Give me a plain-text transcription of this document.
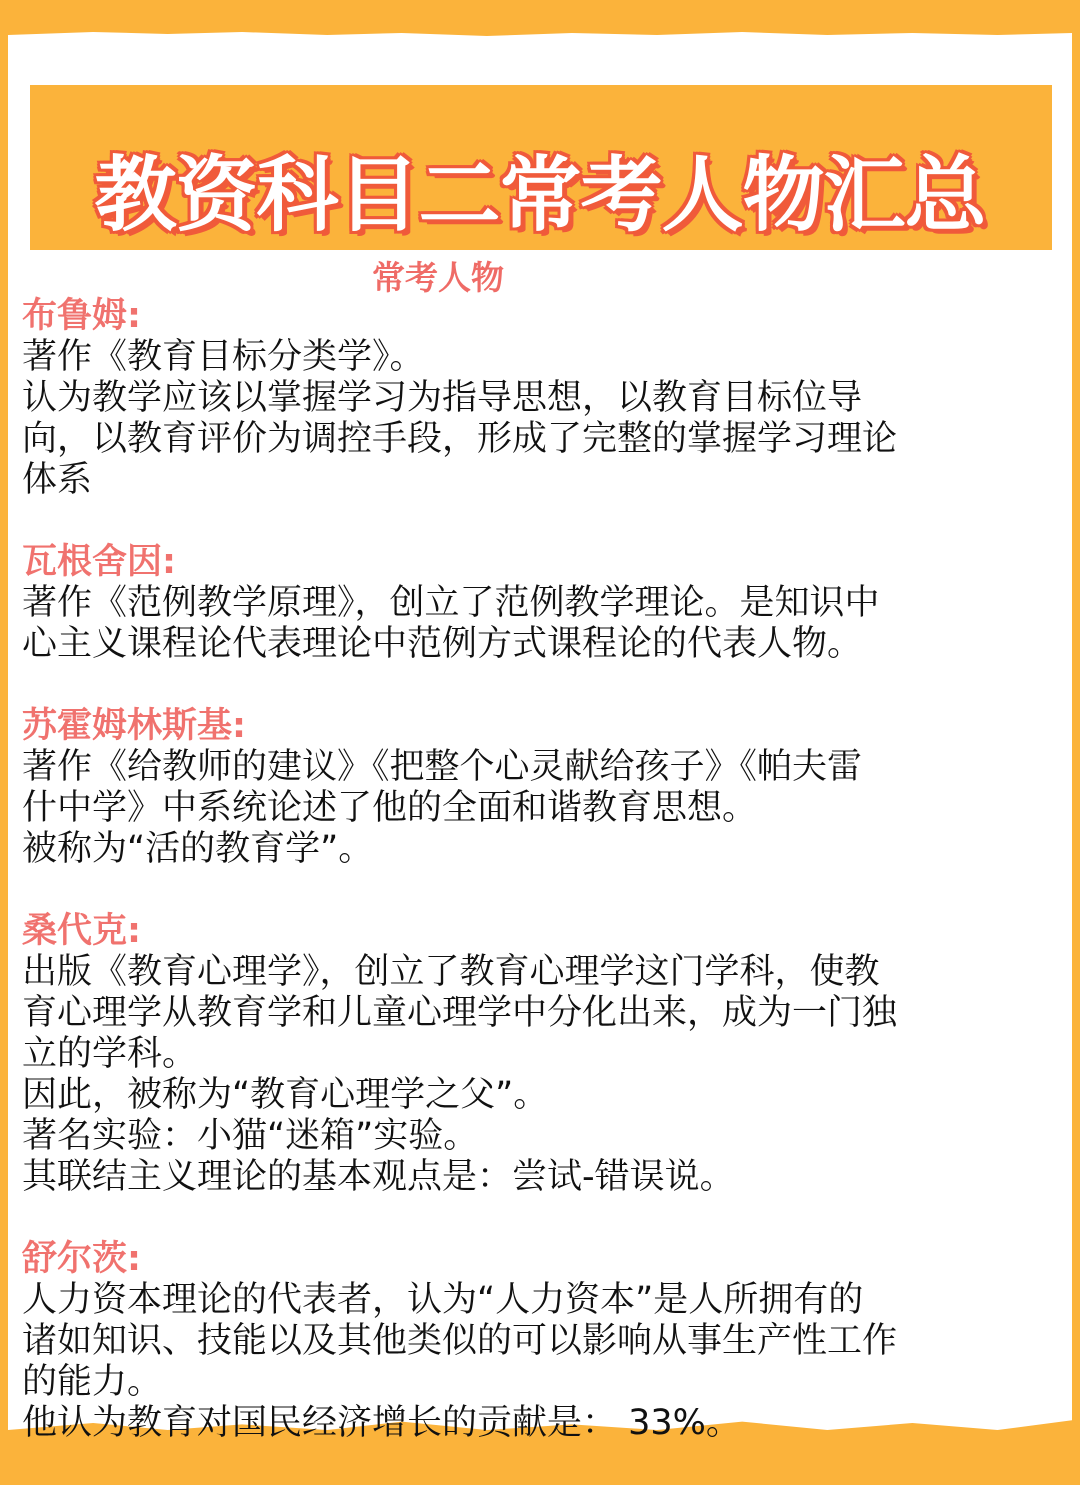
教资科目二常考人物汇总
常考人物
布鲁姆:
著作《教育目标分类学》。
认为教学应该以掌握学习为指导思想，以教育目标位导
向，以教育评价为调控手段，形成了完整的掌握学习理论
体系
瓦根舍因:
著作《范例教学原理》，创立了范例教学理论。是知识中
心主义课程论代表理论中范例方式课程论的代表人物。
苏霍姆林斯基:
著作《给教师的建议》《把整个心灵献给孩子》《帕夫雷
什中学》中系统论述了他的全面和谐教育思想。
被称为“活的教育学”。
桑代克:
出版《教育心理学》，创立了教育心理学这门学科，使教
育心理学从教育学和儿童心理学中分化出来，成为一门独
立的学科。
因此，被称为“教育心理学之父”。
著名实验：小猫“迷箱”实验。
其联结主义理论的基本观点是：尝试-错误说。
舒尔茨:
人力资本理论的代表者，认为“人力资本”是人所拥有的
诸如知识、技能以及其他类似的可以影响从事生产性工作
的能力。
他认为教育对国民经济增长的贡献是： 33%。
